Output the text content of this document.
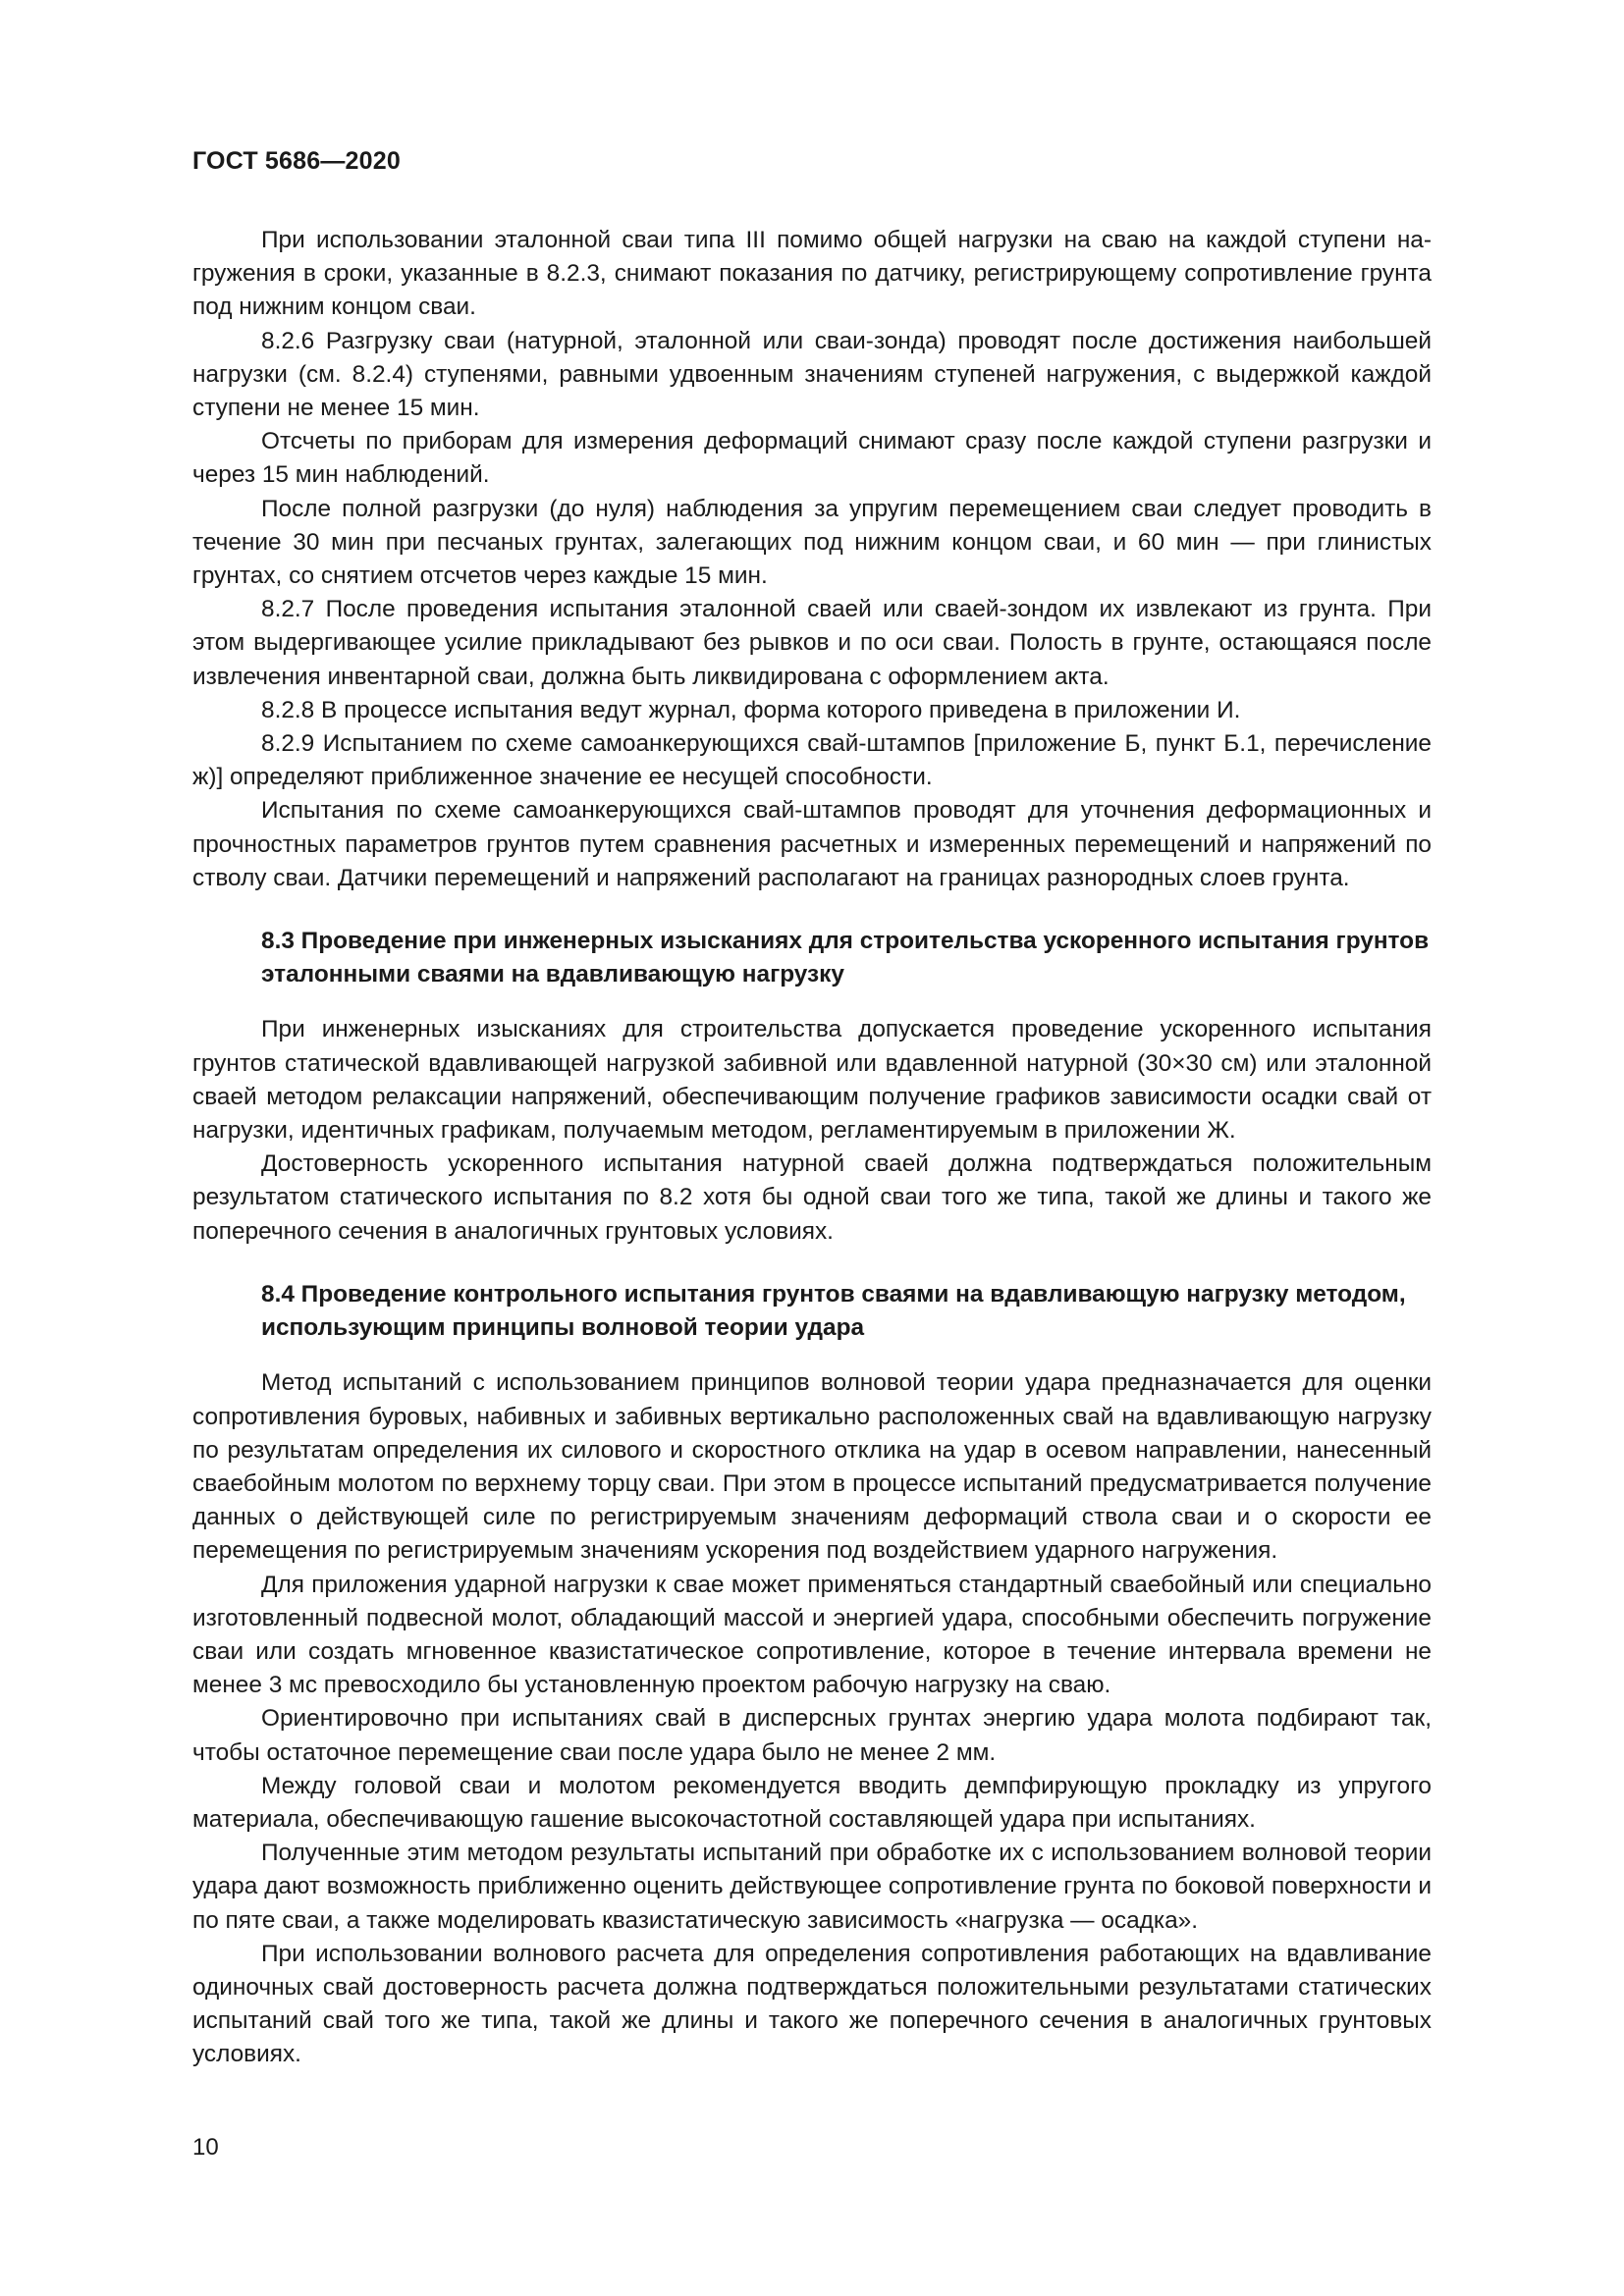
ГОСТ 5686—2020

При использовании эталонной сваи типа III помимо общей нагрузки на сваю на каждой ступени нагружения в сроки, указанные в 8.2.3, снимают показания по датчику, регистрирующему сопротивление грунта под нижним концом сваи.

8.2.6 Разгрузку сваи (натурной, эталонной или сваи-зонда) проводят после достижения наибольшей нагрузки (см. 8.2.4) ступенями, равными удвоенным значениям ступеней нагружения, с выдержкой каждой ступени не менее 15 мин.

Отсчеты по приборам для измерения деформаций снимают сразу после каждой ступени разгрузки и через 15 мин наблюдений.

После полной разгрузки (до нуля) наблюдения за упругим перемещением сваи следует проводить в течение 30 мин при песчаных грунтах, залегающих под нижним концом сваи, и 60 мин — при глинистых грунтах, со снятием отсчетов через каждые 15 мин.

8.2.7 После проведения испытания эталонной сваей или сваей-зондом их извлекают из грунта. При этом выдергивающее усилие прикладывают без рывков и по оси сваи. Полость в грунте, остающаяся после извлечения инвентарной сваи, должна быть ликвидирована с оформлением акта.

8.2.8 В процессе испытания ведут журнал, форма которого приведена в приложении И.

8.2.9 Испытанием по схеме самоанкерующихся свай-штампов [приложение Б, пункт Б.1, перечисление ж)] определяют приближенное значение ее несущей способности.

Испытания по схеме самоанкерующихся свай-штампов проводят для уточнения деформационных и прочностных параметров грунтов путем сравнения расчетных и измеренных перемещений и напряжений по стволу сваи. Датчики перемещений и напряжений располагают на границах разнородных слоев грунта.

8.3 Проведение при инженерных изысканиях для строительства ускоренного испытания грунтов эталонными сваями на вдавливающую нагрузку

При инженерных изысканиях для строительства допускается проведение ускоренного испытания грунтов статической вдавливающей нагрузкой забивной или вдавленной натурной (30×30 см) или эталонной сваей методом релаксации напряжений, обеспечивающим получение графиков зависимости осадки свай от нагрузки, идентичных графикам, получаемым методом, регламентируемым в приложении Ж.

Достоверность ускоренного испытания натурной сваей должна подтверждаться положительным результатом статического испытания по 8.2 хотя бы одной сваи того же типа, такой же длины и такого же поперечного сечения в аналогичных грунтовых условиях.

8.4 Проведение контрольного испытания грунтов сваями на вдавливающую нагрузку методом, использующим принципы волновой теории удара

Метод испытаний с использованием принципов волновой теории удара предназначается для оценки сопротивления буровых, набивных и забивных вертикально расположенных свай на вдавливающую нагрузку по результатам определения их силового и скоростного отклика на удар в осевом направлении, нанесенный сваебойным молотом по верхнему торцу сваи. При этом в процессе испытаний предусматривается получение данных о действующей силе по регистрируемым значениям деформаций ствола сваи и о скорости ее перемещения по регистрируемым значениям ускорения под воздействием ударного нагружения.

Для приложения ударной нагрузки к свае может применяться стандартный сваебойный или специально изготовленный подвесной молот, обладающий массой и энергией удара, способными обеспечить погружение сваи или создать мгновенное квазистатическое сопротивление, которое в течение интервала времени не менее 3 мс превосходило бы установленную проектом рабочую нагрузку на сваю.

Ориентировочно при испытаниях свай в дисперсных грунтах энергию удара молота подбирают так, чтобы остаточное перемещение сваи после удара было не менее 2 мм.

Между головой сваи и молотом рекомендуется вводить демпфирующую прокладку из упругого материала, обеспечивающую гашение высокочастотной составляющей удара при испытаниях.

Полученные этим методом результаты испытаний при обработке их с использованием волновой теории удара дают возможность приближенно оценить действующее сопротивление грунта по боковой поверхности и по пяте сваи, а также моделировать квазистатическую зависимость «нагрузка — осадка».

При использовании волнового расчета для определения сопротивления работающих на вдавливание одиночных свай достоверность расчета должна подтверждаться положительными результатами статических испытаний свай того же типа, такой же длины и такого же поперечного сечения в аналогичных грунтовых условиях.

10
